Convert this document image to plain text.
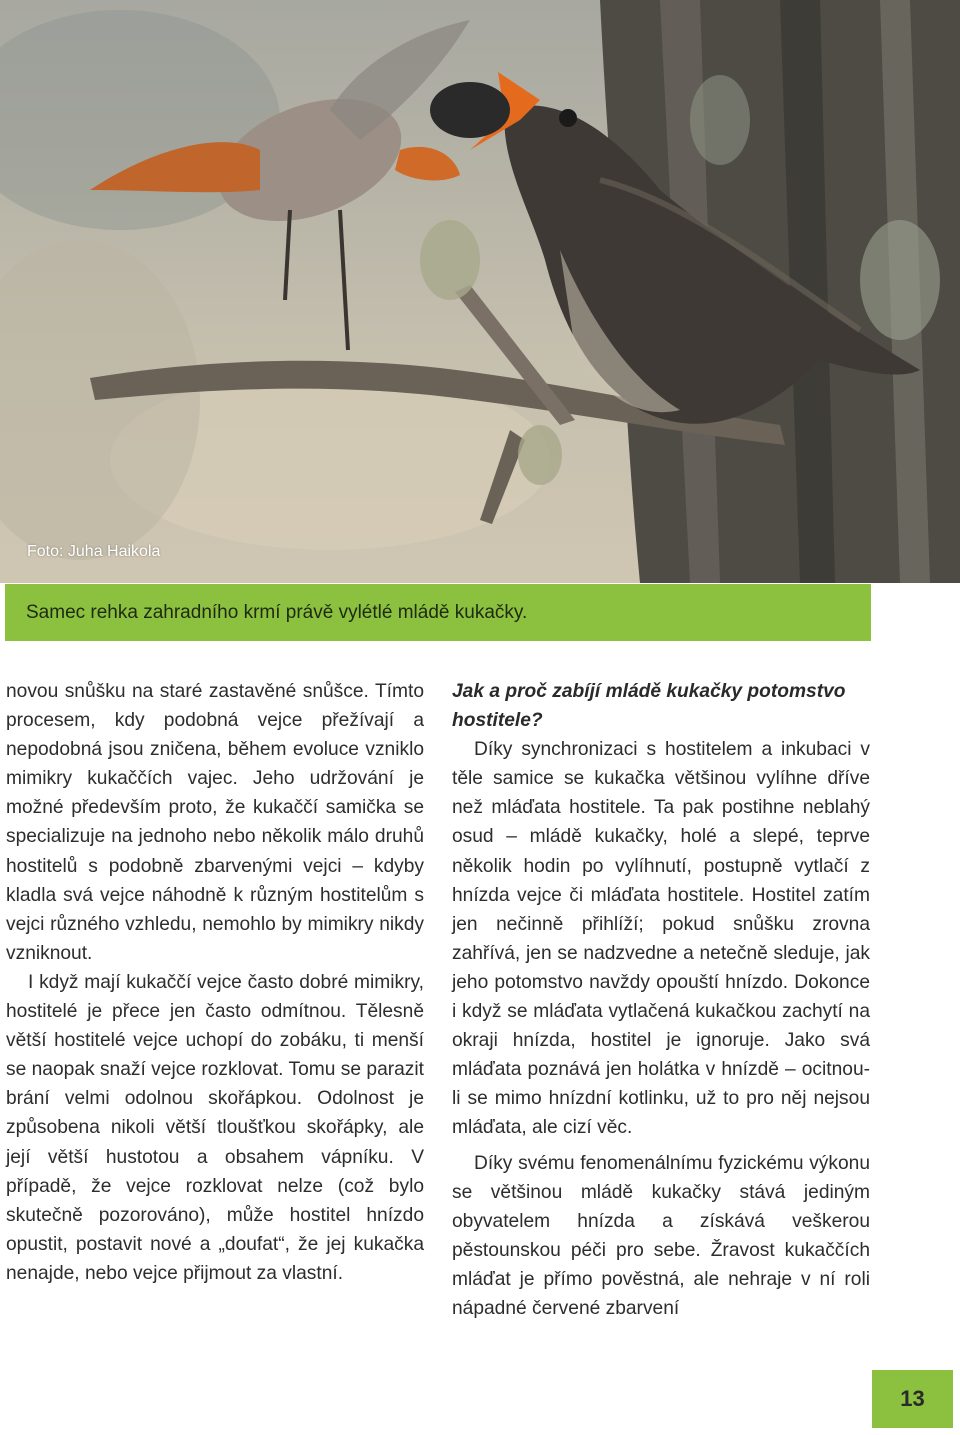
Foto: Juha Haikola
Samec rehka zahradního krmí právě vylétlé mládě kukačky.

novou snůšku na staré zastavěné snůšce. Tímto procesem, kdy podobná vejce přežívají a nepodobná jsou zničena, během evoluce vzniklo mimikry kukaččích vajec. Jeho udržování je možné především proto, že kukaččí samička se specializuje na jednoho nebo několik málo druhů hostitelů s podobně zbarvenými vejci – kdyby kladla svá vejce náhodně k různým hostitelům s vejci různého vzhledu, nemohlo by mimikry nikdy vzniknout.

I když mají kukaččí vejce často dobré mimikry, hostitelé je přece jen často odmítnou. Tělesně větší hostitelé vejce uchopí do zobáku, ti menší se naopak snaží vejce rozklovat. Tomu se parazit brání velmi odolnou skořápkou. Odolnost je způsobena nikoli větší tloušťkou skořápky, ale její větší hustotou a obsahem vápníku. V případě, že vejce rozklovat nelze (což bylo skutečně pozorováno), může hostitel hnízdo opustit, postavit nové a „doufat“, že jej kukačka nenajde, nebo vejce přijmout za vlastní.

Jak a proč zabíjí mládě kukačky potomstvo hostitele?

Díky synchronizaci s hostitelem a inkubaci v těle samice se kukačka většinou vylíhne dříve než mláďata hostitele. Ta pak postihne neblahý osud – mládě kukačky, holé a slepé, teprve několik hodin po vylíhnutí, postupně vytlačí z hnízda vejce či mláďata hostitele. Hostitel zatím jen nečinně přihlíží; pokud snůšku zrovna zahřívá, jen se nadzvedne a netečně sleduje, jak jeho potomstvo navždy opouští hnízdo. Dokonce i když se mláďata vytlačená kukačkou zachytí na okraji hnízda, hostitel je ignoruje. Jako svá mláďata poznává jen holátka v hnízdě – ocitnou-li se mimo hnízdní kotlinku, už to pro něj nejsou mláďata, ale cizí věc.

Díky svému fenomenálnímu fyzickému výkonu se většinou mládě kukačky stává jediným obyvatelem hnízda a získává veškerou pěstounskou péči pro sebe. Žravost kukaččích mláďat je přímo pověstná, ale nehraje v ní roli nápadné červené zbarvení

13
